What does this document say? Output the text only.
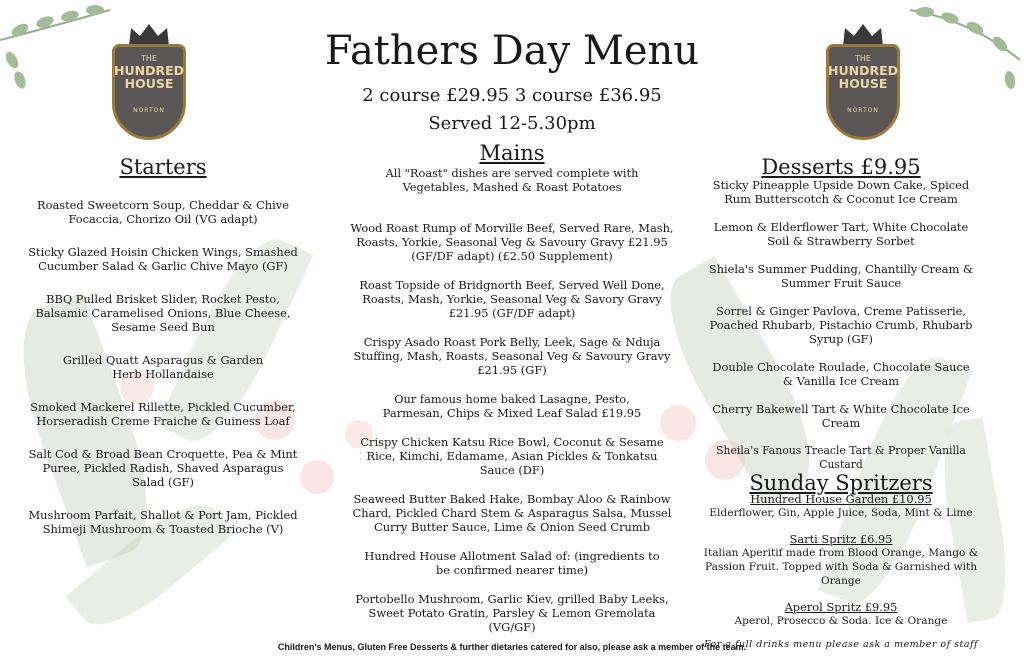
THE
HUNDRED
HOUSE
NORTON
THE
HUNDRED
HOUSE
NORTON
Fathers Day Menu
2 course £29.95 3 course £36.95
Served 12-5.30pm
Starters

Roasted Sweetcorn Soup, Cheddar & Chive Focaccia, Chorizo Oil (VG adapt)

Sticky Glazed Hoisin Chicken Wings, Smashed Cucumber Salad & Garlic Chive Mayo (GF)

BBQ Pulled Brisket Slider, Rocket Pesto, Balsamic Caramelised Onions, Blue Cheese, Sesame Seed Bun

Grilled Quatt Asparagus & Garden Herb Hollandaise

Smoked Mackerel Rillette, Pickled Cucumber, Horseradish Creme Fraiche & Guiness Loaf

Salt Cod & Broad Bean Croquette, Pea & Mint Puree, Pickled Radish, Shaved Asparagus Salad (GF)

Mushroom Parfait, Shallot & Port Jam, Pickled Shimeji Mushroom & Toasted Brioche (V)

Mains

All "Roast" dishes are served complete with Vegetables, Mashed & Roast Potatoes

Wood Roast Rump of Morville Beef, Served Rare, Mash, Roasts, Yorkie, Seasonal Veg & Savoury Gravy £21.95 (GF/DF adapt) (£2.50 Supplement)

Roast Topside of Bridgnorth Beef, Served Well Done, Roasts, Mash, Yorkie, Seasonal Veg & Savory Gravy £21.95 (GF/DF adapt)

Crispy Asado Roast Pork Belly, Leek, Sage & Nduja Stuffing, Mash, Roasts, Seasonal Veg & Savoury Gravy £21.95 (GF)

Our famous home baked Lasagne, Pesto, Parmesan, Chips & Mixed Leaf Salad £19.95

Crispy Chicken Katsu Rice Bowl, Coconut & Sesame Rice, Kimchi, Edamame, Asian Pickles & Tonkatsu Sauce (DF)

Seaweed Butter Baked Hake, Bombay Aloo & Rainbow Chard, Pickled Chard Stem & Asparagus Salsa, Mussel Curry Butter Sauce, Lime & Onion Seed Crumb

Hundred House Allotment Salad of: (ingredients to be confirmed nearer time)

Portobello Mushroom, Garlic Kiev, grilled Baby Leeks, Sweet Potato Gratin, Parsley & Lemon Gremolata (VG/GF)

Desserts £9.95

Sticky Pineapple Upside Down Cake, Spiced Rum Butterscotch & Coconut Ice Cream

Lemon & Elderflower Tart, White Chocolate Soil & Strawberry Sorbet

Shiela's Summer Pudding, Chantilly Cream & Summer Fruit Sauce

Sorrel & Ginger Pavlova, Creme Patisserie, Poached Rhubarb, Pistachio Crumb, Rhubarb Syrup (GF)

Double Chocolate Roulade, Chocolate Sauce & Vanilla Ice Cream

Cherry Bakewell Tart & White Chocolate Ice Cream

Sheila's Fanous Treacle Tart & Proper Vanilla Custard

Sunday Spritzers

Hundred House Garden £10.95

Elderflower, Gin, Apple Juice, Soda, Mint & Lime

Sarti Spritz £6.95

Italian Aperitif made from Blood Orange, Mango & Passion Fruit. Topped with Soda & Garnished with Orange

Aperol Spritz £9.95

Aperol, Prosecco & Soda. Ice & Orange

For a full drinks menu please ask a member of staff

Children's Menus, Gluten Free Desserts & further dietaries catered for also, please ask a member of the team.
